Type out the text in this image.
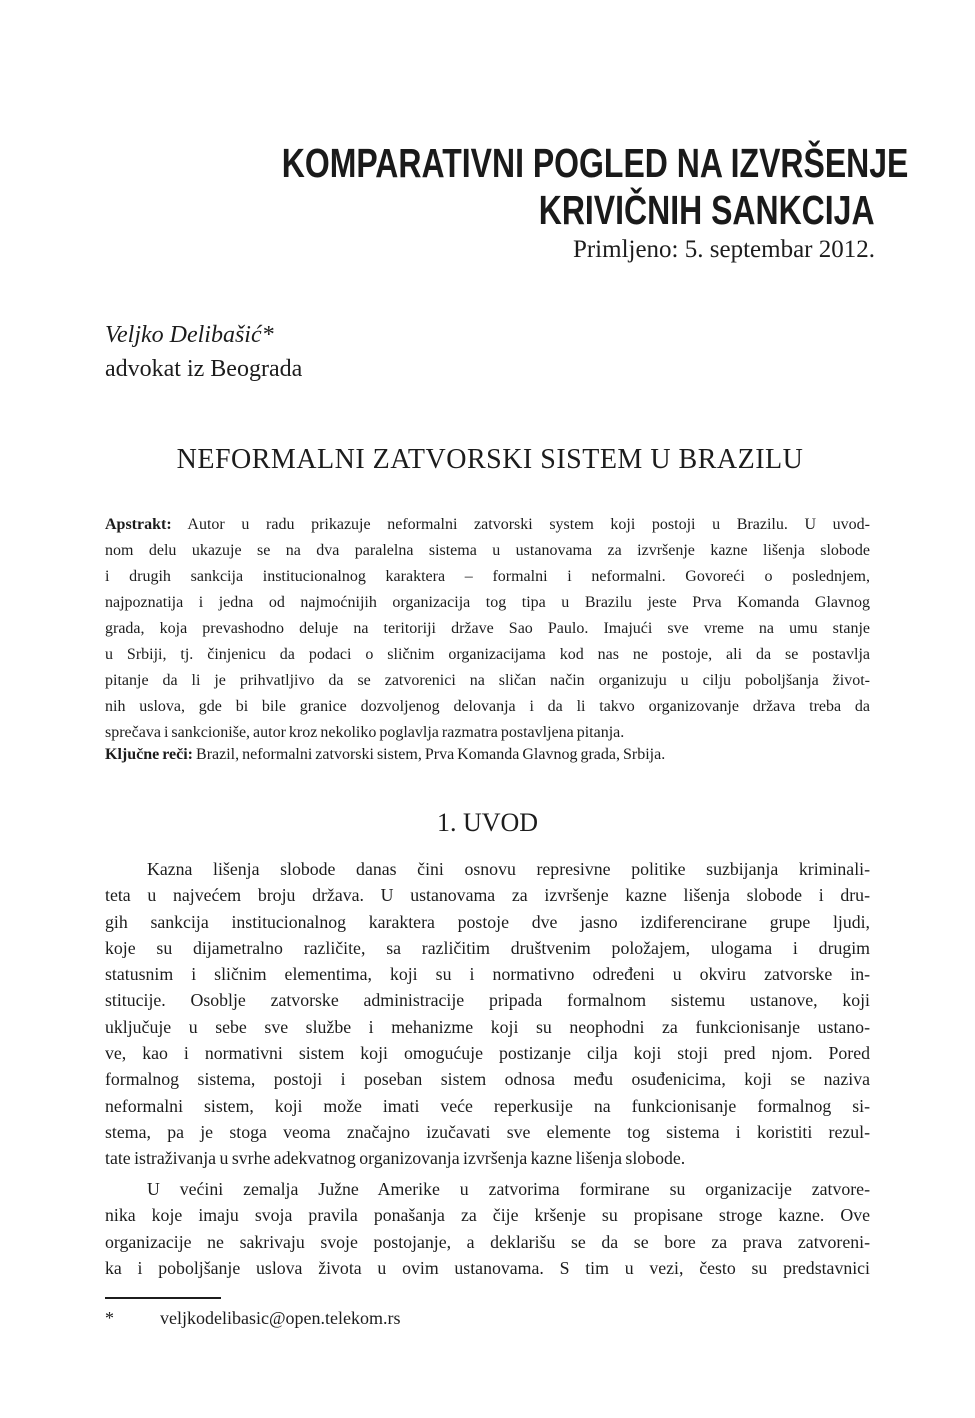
KOMPARATIVNI POGLED NA IZVRŠENJE
KRIVIČNIH SANKCIJA
Primljeno: 5. septembar 2012.
Veljko Delibašić*
advokat iz Beograda
NEFORMALNI ZATVORSKI SISTEM U BRAZILU
Apstrakt: Autor u radu prikazuje neformalni zatvorski system koji postoji u Brazilu. U uvod-
nom delu ukazuje se na dva paralelna sistema u ustanovama za izvršenje kazne lišenja slobode
i drugih sankcija institucionalnog karaktera – formalni i neformalni. Govoreći o poslednjem,
najpoznatija i jedna od najmoćnijih organizacija tog tipa u Brazilu jeste Prva Komanda Glavnog
grada, koja prevashodno deluje na teritoriji države Sao Paulo. Imajući sve vreme na umu stanje
u Srbiji, tj. činjenicu da podaci o sličnim organizacijama kod nas ne postoje, ali da se postavlja
pitanje da li je prihvatljivo da se zatvorenici na sličan način organizuju u cilju poboljšanja život-
nih uslova, gde bi bile granice dozvoljenog delovanja i da li takvo organizovanje država treba da
sprečava i sankcioniše, autor kroz nekoliko poglavlja razmatra postavljena pitanja.
Ključne reči: Brazil, neformalni zatvorski sistem, Prva Komanda Glavnog grada, Srbija.
1. UVOD
Kazna lišenja slobode danas čini osnovu represivne politike suzbijanja kriminali-
teta u najvećem broju država. U ustanovama za izvršenje kazne lišenja slobode i dru-
gih sankcija institucionalnog karaktera postoje dve jasno izdiferencirane grupe ljudi,
koje su dijametralno različite, sa različitim društvenim položajem, ulogama i drugim
statusnim i sličnim elementima, koji su i normativno određeni u okviru zatvorske in-
stitucije. Osoblje zatvorske administracije pripada formalnom sistemu ustanove, koji
uključuje u sebe sve službe i mehanizme koji su neophodni za funkcionisanje ustano-
ve, kao i normativni sistem koji omogućuje postizanje cilja koji stoji pred njom. Pored
formalnog sistema, postoji i poseban sistem odnosa među osuđenicima, koji se naziva
neformalni sistem, koji može imati veće reperkusije na funkcionisanje formalnog si-
stema, pa je stoga veoma značajno izučavati sve elemente tog sistema i koristiti rezul-
tate istraživanja u svrhe adekvatnog organizovanja izvršenja kazne lišenja slobode.
U većini zemalja Južne Amerike u zatvorima formirane su organizacije zatvore-
nika koje imaju svoja pravila ponašanja za čije kršenje su propisane stroge kazne. Ove
organizacije ne sakrivaju svoje postojanje, a deklarišu se da se bore za prava zatvoreni-
ka i poboljšanje uslova života u ovim ustanovama. S tim u vezi, često su predstavnici
*	veljkodelibasic@open.telekom.rs
